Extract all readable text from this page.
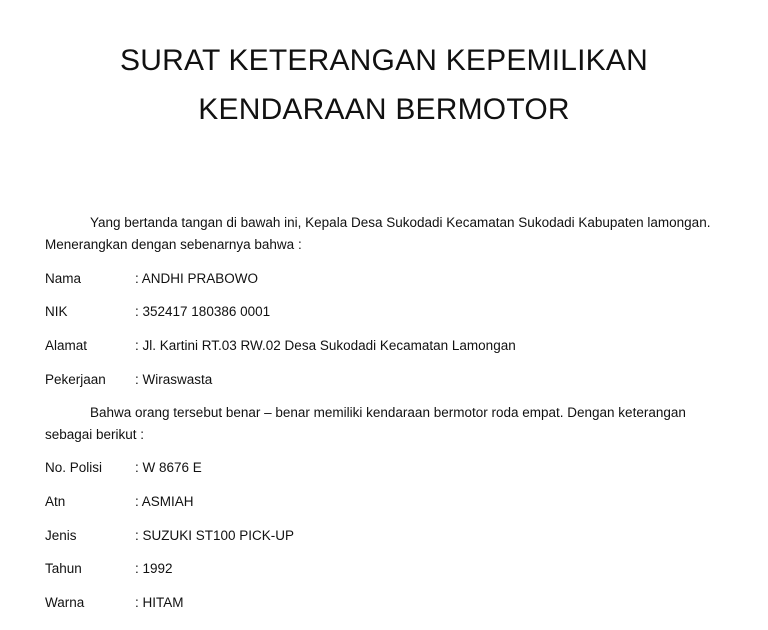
SURAT KETERANGAN KEPEMILIKAN
KENDARAAN BERMOTOR
Yang bertanda tangan di bawah ini, Kepala Desa Sukodadi Kecamatan Sukodadi Kabupaten lamongan.
Menerangkan dengan sebenarnya bahwa :
Nama	: ANDHI PRABOWO
NIK	: 352417 180386 0001
Alamat	: Jl. Kartini RT.03 RW.02 Desa Sukodadi Kecamatan Lamongan
Pekerjaan : Wiraswasta
Bahwa orang tersebut benar – benar memiliki kendaraan bermotor roda empat. Dengan keterangan
sebagai berikut :
No. Polisi : W 8676 E
Atn	: ASMIAH
Jenis	: SUZUKI ST100 PICK-UP
Tahun	: 1992
Warna	: HITAM
